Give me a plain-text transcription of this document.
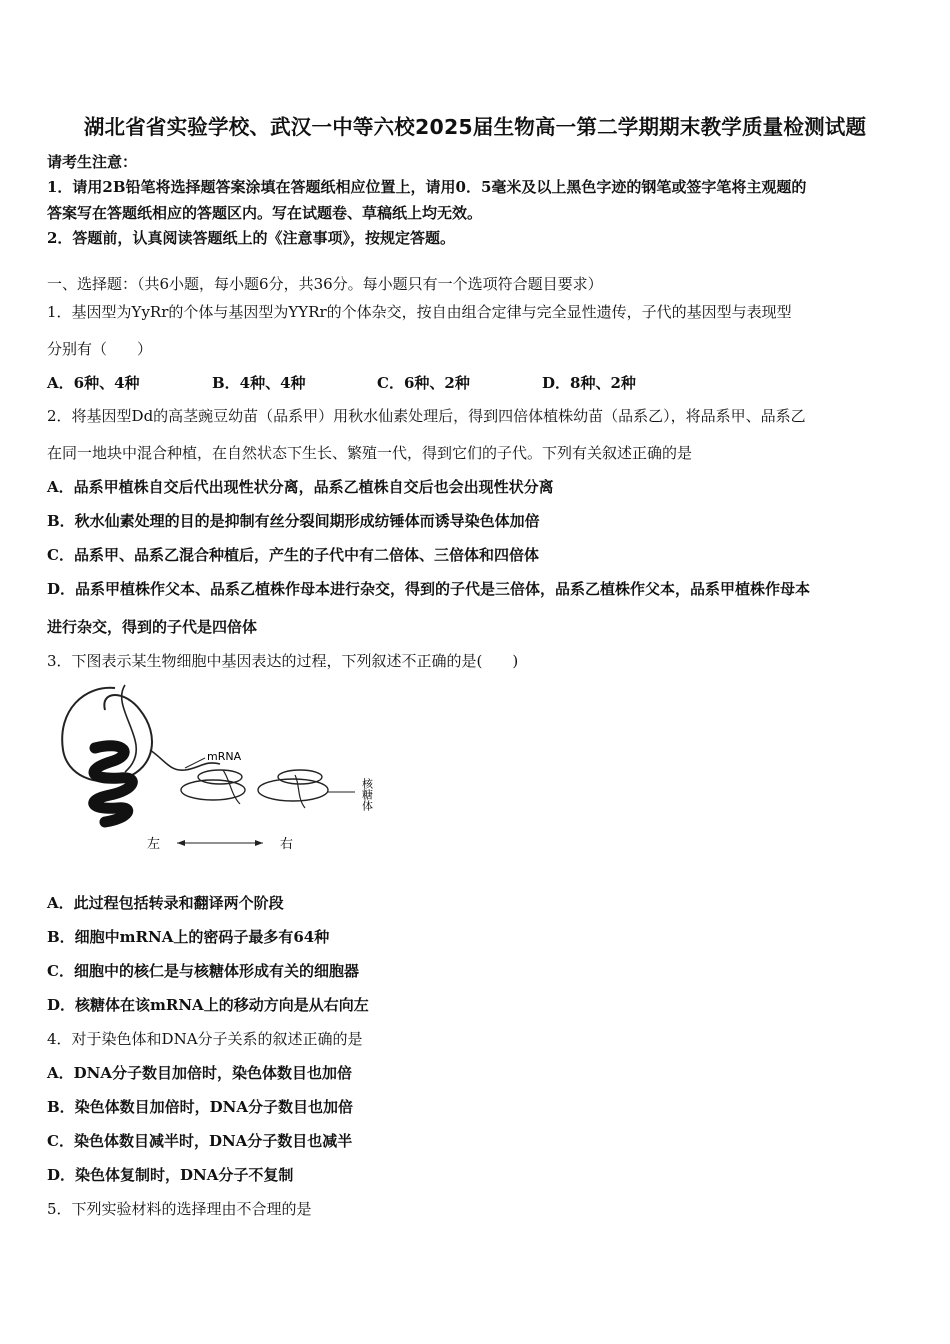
湖北省省实验学校、武汉一中等六校2025届生物高一第二学期期末教学质量检测试题
请考生注意：
1．请用2B铅笔将选择题答案涂填在答题纸相应位置上，请用0．5毫米及以上黑色字迹的钢笔或签字笔将主观题的
答案写在答题纸相应的答题区内。写在试题卷、草稿纸上均无效。
2．答题前，认真阅读答题纸上的《注意事项》，按规定答题。
一、选择题：（共6小题，每小题6分，共36分。每小题只有一个选项符合题目要求）
1．基因型为YyRr的个体与基因型为YYRr的个体杂交，按自由组合定律与完全显性遗传，子代的基因型与表现型
分别有（　　）
A．6种、4种	B．4种、4种	C．6种、2种	D．8种、2种
2．将基因型Dd的高茎豌豆幼苗（品系甲）用秋水仙素处理后，得到四倍体植株幼苗（品系乙），将品系甲、品系乙
在同一地块中混合种植，在自然状态下生长、繁殖一代，得到它们的子代。下列有关叙述正确的是
A．品系甲植株自交后代出现性状分离，品系乙植株自交后也会出现性状分离
B．秋水仙素处理的目的是抑制有丝分裂间期形成纺锤体而诱导染色体加倍
C．品系甲、品系乙混合种植后，产生的子代中有二倍体、三倍体和四倍体
D．品系甲植株作父本、品系乙植株作母本进行杂交，得到的子代是三倍体，品系乙植株作父本，品系甲植株作母本
进行杂交，得到的子代是四倍体
3．下图表示某生物细胞中基因表达的过程，下列叙述不正确的是(　　)
mRNA
核糖体
左	右
A．此过程包括转录和翻译两个阶段
B．细胞中mRNA上的密码子最多有64种
C．细胞中的核仁是与核糖体形成有关的细胞器
D．核糖体在该mRNA上的移动方向是从右向左
4．对于染色体和DNA分子关系的叙述正确的是
A．DNA分子数目加倍时，染色体数目也加倍
B．染色体数目加倍时，DNA分子数目也加倍
C．染色体数目减半时，DNA分子数目也减半
D．染色体复制时，DNA分子不复制
5．下列实验材料的选择理由不合理的是
